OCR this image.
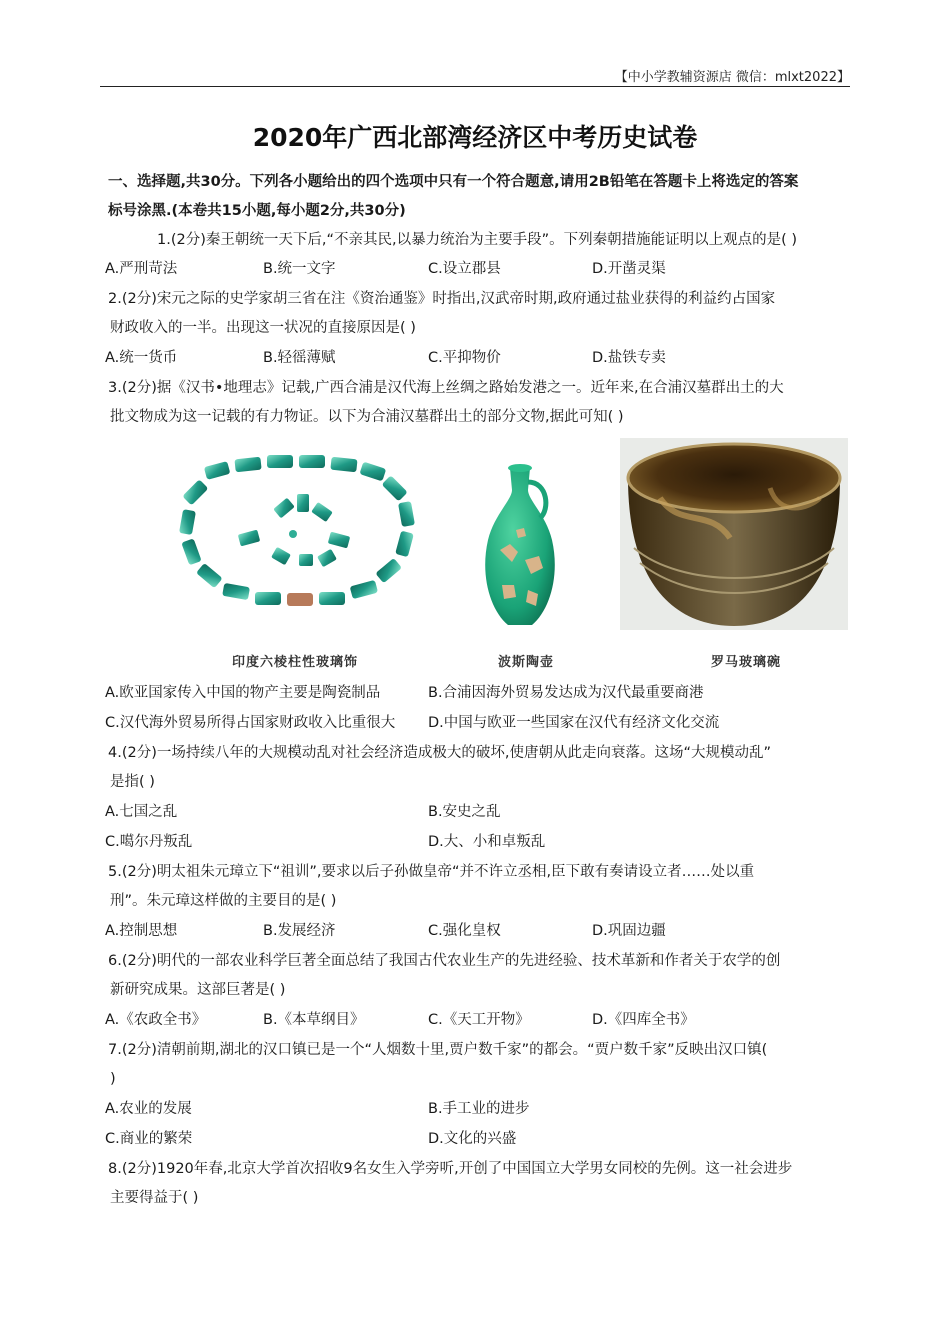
【中小学教辅资源店 微信：mlxt2022】
2020年广西北部湾经济区中考历史试卷
一、选择题,共30分。下列各小题给出的四个选项中只有一个符合题意,请用2B铅笔在答题卡上将选定的答案
标号涂黑.(本卷共15小题,每小题2分,共30分)
1.(2分)秦王朝统一天下后,“不亲其民,以暴力统治为主要手段”。下列秦朝措施能证明以上观点的是( )
A.严刑苛法	B.统一文字	C.设立郡县	D.开凿灵渠
2.(2分)宋元之际的史学家胡三省在注《资治通鉴》时指出,汉武帝时期,政府通过盐业获得的利益约占国家
财政收入的一半。出现这一状况的直接原因是( )
A.统一货币	B.轻徭薄赋	C.平抑物价	D.盐铁专卖
3.(2分)据《汉书•地理志》记载,广西合浦是汉代海上丝绸之路始发港之一。近年来,在合浦汉墓群出土的大
批文物成为这一记载的有力物证。以下为合浦汉墓群出土的部分文物,据此可知( )
印度六棱柱性玻璃饰	波斯陶壶	罗马玻璃碗
A.欧亚国家传入中国的物产主要是陶瓷制品	B.合浦因海外贸易发达成为汉代最重要商港
C.汉代海外贸易所得占国家财政收入比重很大 D.中国与欧亚一些国家在汉代有经济文化交流
4.(2分)一场持续八年的大规模动乱对社会经济造成极大的破坏,使唐朝从此走向衰落。这场“大规模动乱”
是指( )
A.七国之乱	B.安史之乱
C.噶尔丹叛乱	D.大、小和卓叛乱
5.(2分)明太祖朱元璋立下“祖训”,要求以后子孙做皇帝“并不许立丞相,臣下敢有奏请设立者……处以重
刑”。朱元璋这样做的主要目的是( )
A.控制思想	B.发展经济	C.强化皇权	D.巩固边疆
6.(2分)明代的一部农业科学巨著全面总结了我国古代农业生产的先进经验、技术革新和作者关于农学的创
新研究成果。这部巨著是( )
A.《农政全书》	B.《本草纲目》	C.《天工开物》	D.《四库全书》
7.(2分)清朝前期,湖北的汉口镇已是一个“人烟数十里,贾户数千家”的都会。“贾户数千家”反映出汉口镇(
)
A.农业的发展	B.手工业的进步
C.商业的繁荣	D.文化的兴盛
8.(2分)1920年春,北京大学首次招收9名女生入学旁听,开创了中国国立大学男女同校的先例。这一社会进步
主要得益于( )
